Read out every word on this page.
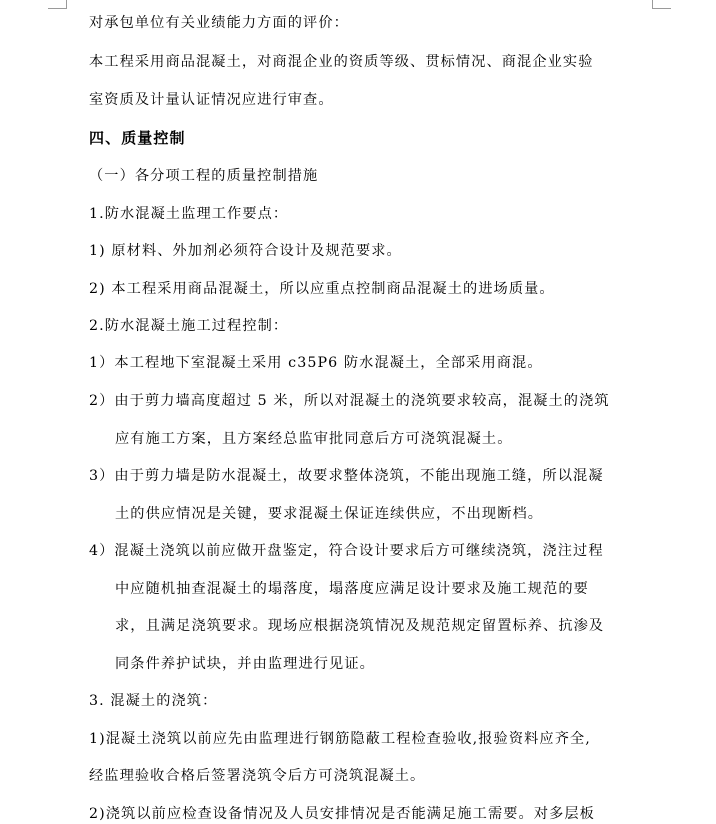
对承包单位有关业绩能力方面的评价：
本工程采用商品混凝土，对商混企业的资质等级、贯标情况、商混企业实验
室资质及计量认证情况应进行审查。
四、质量控制
（一）各分项工程的质量控制措施
1.防水混凝土监理工作要点：
1) 原材料、外加剂必须符合设计及规范要求。
2) 本工程采用商品混凝土，所以应重点控制商品混凝土的进场质量。
2.防水混凝土施工过程控制：
1）本工程地下室混凝土采用 c35P6 防水混凝土，全部采用商混。
2）由于剪力墙高度超过 5 米，所以对混凝土的浇筑要求较高，混凝土的浇筑
应有施工方案，且方案经总监审批同意后方可浇筑混凝土。
3）由于剪力墙是防水混凝土，故要求整体浇筑，不能出现施工缝，所以混凝
土的供应情况是关键，要求混凝土保证连续供应，不出现断档。
4）混凝土浇筑以前应做开盘鉴定，符合设计要求后方可继续浇筑，浇注过程
中应随机抽查混凝土的塌落度，塌落度应满足设计要求及施工规范的要
求，且满足浇筑要求。现场应根据浇筑情况及规范规定留置标养、抗渗及
同条件养护试块，并由监理进行见证。
3. 混凝土的浇筑：
1)混凝土浇筑以前应先由监理进行钢筋隐蔽工程检查验收,报验资料应齐全,
经监理验收合格后签署浇筑令后方可浇筑混凝土。
2)浇筑以前应检查设备情况及人员安排情况是否能满足施工需要。对多层板
